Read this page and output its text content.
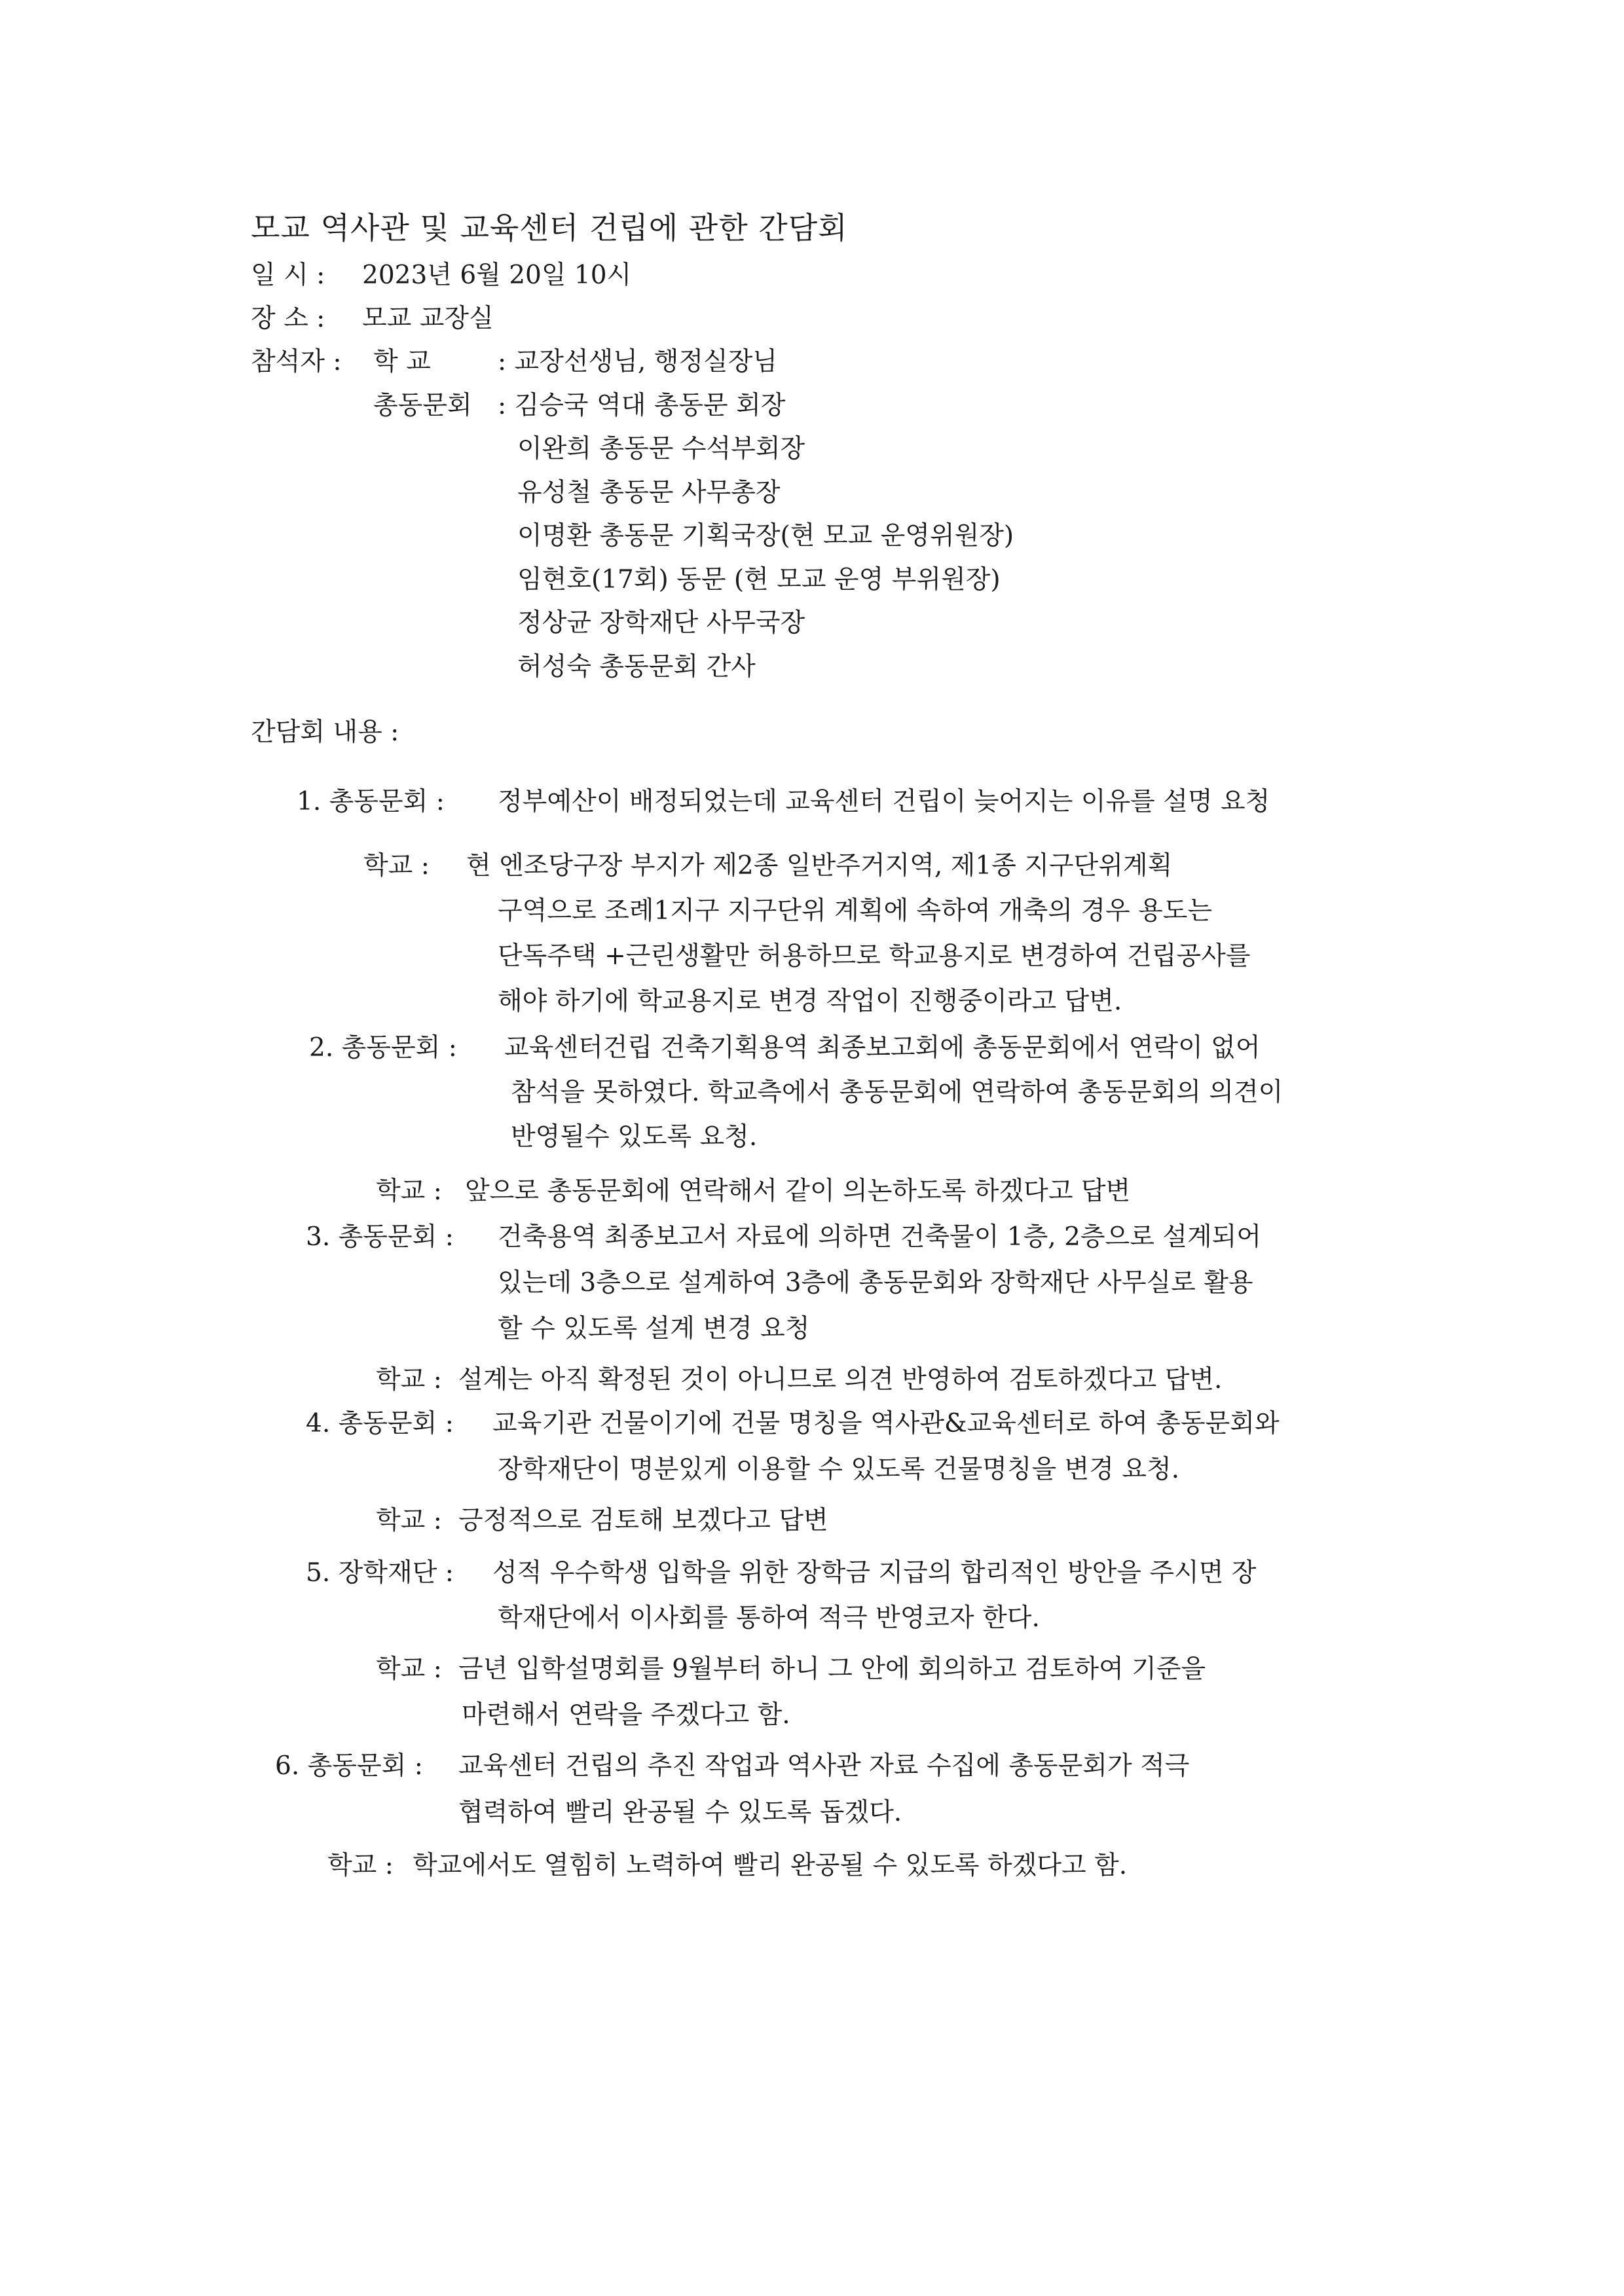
모교 역사관 및 교육센터 건립에 관한 간담회
일 시 : 2023년 6월 20일 10시
장 소 : 모교 교장실
참석자 : 학 교	: 교장선생님, 행정실장님
총동문회 : 김승국 역대 총동문 회장
이완희 총동문 수석부회장
유성철 총동문 사무총장
이명환 총동문 기획국장(현 모교 운영위원장)
임현호(17회) 동문 (현 모교 운영 부위원장)
정상균 장학재단 사무국장
허성숙 총동문회 간사
간담회 내용 :
1. 총동문회 : 정부예산이 배정되었는데 교육센터 건립이 늦어지는 이유를 설명 요청
학교 : 현 엔조당구장 부지가 제2종 일반주거지역, 제1종 지구단위계획
구역으로 조례1지구 지구단위 계획에 속하여 개축의 경우 용도는
단독주택 +근린생활만 허용하므로 학교용지로 변경하여 건립공사를
해야 하기에 학교용지로 변경 작업이 진행중이라고 답변.
2. 총동문회 : 교육센터건립 건축기획용역 최종보고회에 총동문회에서 연락이 없어
참석을 못하였다. 학교측에서 총동문회에 연락하여 총동문회의 의견이
반영될수 있도록 요청.
학교 : 앞으로 총동문회에 연락해서 같이 의논하도록 하겠다고 답변
3. 총동문회 : 건축용역 최종보고서 자료에 의하면 건축물이 1층, 2층으로 설계되어
있는데 3층으로 설계하여 3층에 총동문회와 장학재단 사무실로 활용
할 수 있도록 설계 변경 요청
학교 : 설계는 아직 확정된 것이 아니므로 의견 반영하여 검토하겠다고 답변.
4. 총동문회 : 교육기관 건물이기에 건물 명칭을 역사관&교육센터로 하여 총동문회와
장학재단이 명분있게 이용할 수 있도록 건물명칭을 변경 요청.
학교 : 긍정적으로 검토해 보겠다고 답변
5. 장학재단 : 성적 우수학생 입학을 위한 장학금 지급의 합리적인 방안을 주시면 장
학재단에서 이사회를 통하여 적극 반영코자 한다.
학교 : 금년 입학설명회를 9월부터 하니 그 안에 회의하고 검토하여 기준을
마련해서 연락을 주겠다고 함.
6. 총동문회 : 교육센터 건립의 추진 작업과 역사관 자료 수집에 총동문회가 적극
협력하여 빨리 완공될 수 있도록 돕겠다.
학교 : 학교에서도 열힘히 노력하여 빨리 완공될 수 있도록 하겠다고 함.
